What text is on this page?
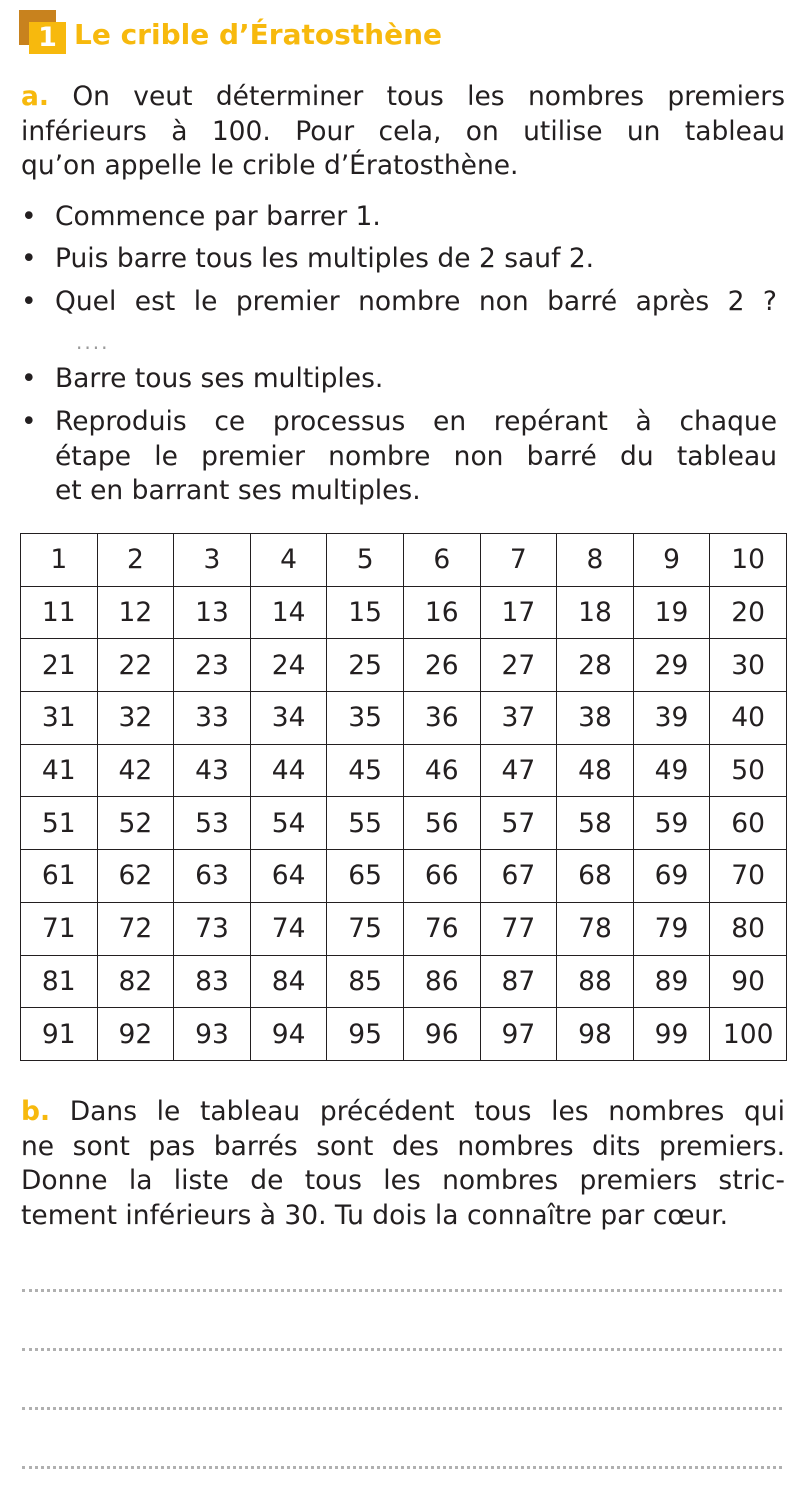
1 Le crible d’Ératosthène
a. On veut déterminer tous les nombres premiers
inférieurs à 100. Pour cela, on utilise un tableau
qu’on appelle le crible d’Ératosthène.
• Commence par barrer 1.
• Puis barre tous les multiples de 2 sauf 2.
• Quel est le premier nombre non barré après 2 ?
....
• Barre tous ses multiples.
• Reproduis ce processus en repérant à chaque
étape le premier nombre non barré du tableau
et en barrant ses multiples.
1	2	3	4	5	6	7	8	9	10
11	12	13	14	15	16	17	18	19	20
21	22	23	24	25	26	27	28	29	30
31	32	33	34	35	36	37	38	39	40
41	42	43	44	45	46	47	48	49	50
51	52	53	54	55	56	57	58	59	60
61	62	63	64	65	66	67	68	69	70
71	72	73	74	75	76	77	78	79	80
81	82	83	84	85	86	87	88	89	90
91	92	93	94	95	96	97	98	99	100
b. Dans le tableau précédent tous les nombres qui
ne sont pas barrés sont des nombres dits premiers.
Donne la liste de tous les nombres premiers stric-
tement inférieurs à 30. Tu dois la connaître par cœur.
